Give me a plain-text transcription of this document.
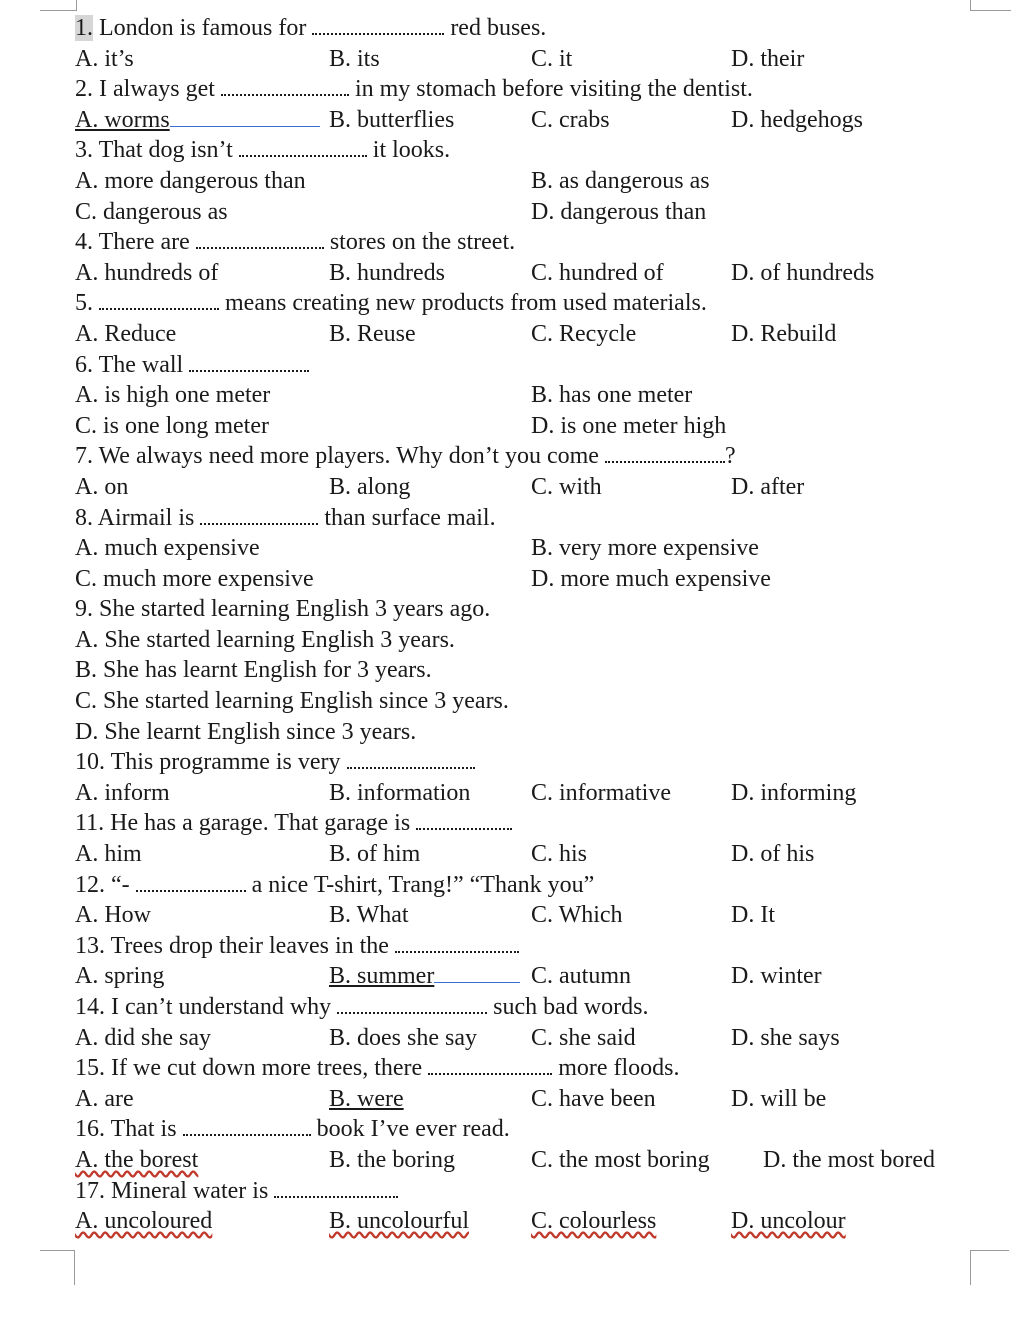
1. London is famous for	red buses.
A. it’s	B. its	C. it	D. their
2. I always get	in my stomach before visiting the dentist.
A. worms	B. butterflies	C. crabs	D. hedgehogs
3. That dog isn’t	it looks.
A. more dangerous than	B. as dangerous as
C. dangerous as	D. dangerous than
4. There are	stores on the street.
A. hundreds of	B. hundreds	C. hundred of	D. of hundreds
5.	means creating new products from used materials.
A. Reduce	B. Reuse	C. Recycle	D. Rebuild
6. The wall
A. is high one meter	B. has one meter
C. is one long meter	D. is one meter high
7. We always need more players. Why don’t you come	?
A. on	B. along	C. with	D. after
8. Airmail is	than surface mail.
A. much expensive	B. very more expensive
C. much more expensive	D. more much expensive
9. She started learning English 3 years ago.
A. She started learning English 3 years.
B. She has learnt English for 3 years.
C. She started learning English since 3 years.
D. She learnt English since 3 years.
10. This programme is very
A. inform	B. information	C. informative	D. informing
11. He has a garage. That garage is
A. him	B. of him	C. his	D. of his
12. “-	a nice T-shirt, Trang!” “Thank you”
A. How	B. What	C. Which	D. It
13. Trees drop their leaves in the
A. spring	B. summer	C. autumn	D. winter
14. I can’t understand why	such bad words.
A. did she say	B. does she say C. she said	D. she says
15. If we cut down more trees, there	more floods.
A. are	B. were	C. have been	D. will be
16. That is	book I’ve ever read.
A. the borest	B. the boring	C. the most boring D. the most bored
17. Mineral water is
A. uncoloured	B. uncolourful	C. colourless	D. uncolour
